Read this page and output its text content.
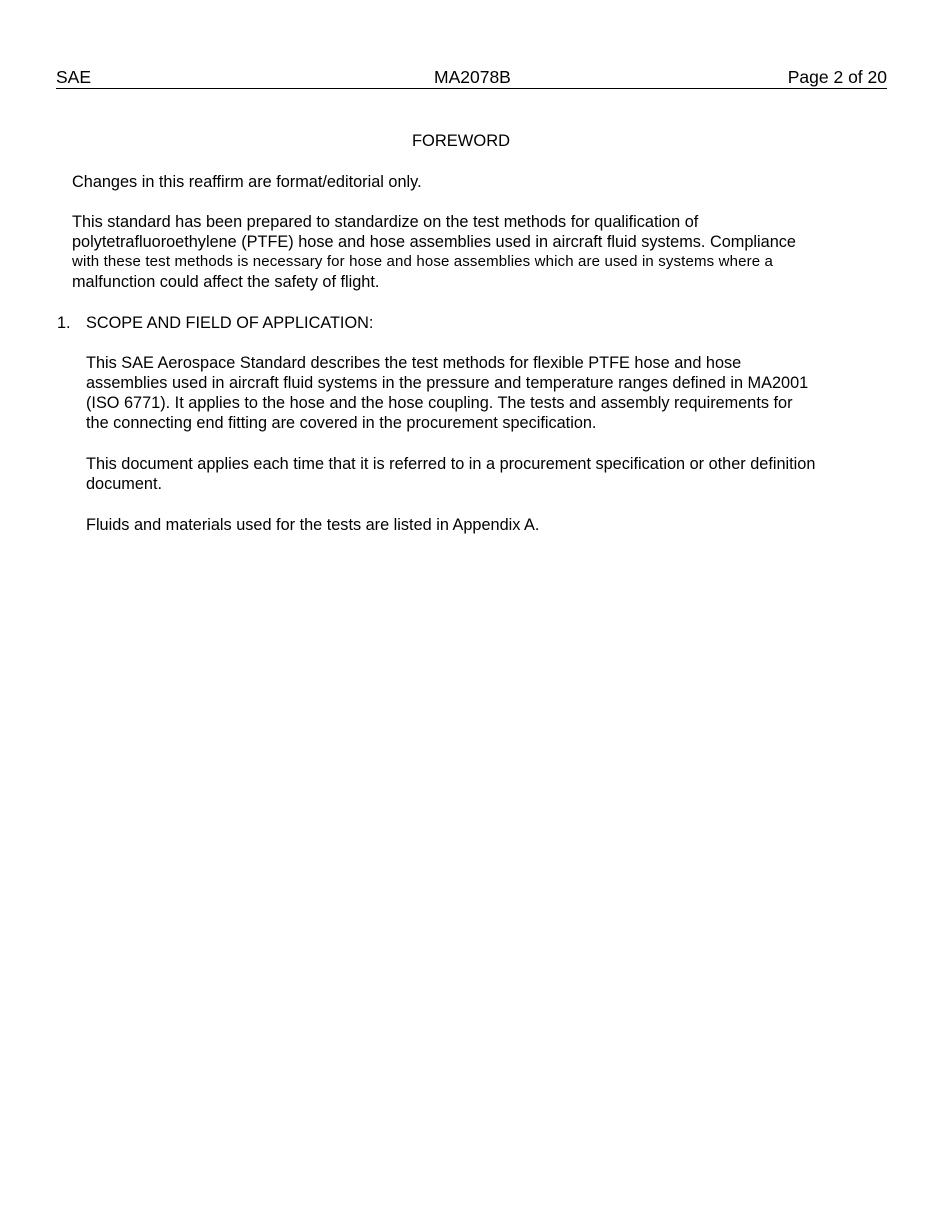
SAE	MA2078B	Page 2 of 20
FOREWORD

Changes in this reaffirm are format/editorial only.

This standard has been prepared to standardize on the test methods for qualification of
polytetrafluoroethylene (PTFE) hose and hose assemblies used in aircraft fluid systems. Compliance
with these test methods is necessary for hose and hose assemblies which are used in systems where a
malfunction could affect the safety of flight.

1. SCOPE AND FIELD OF APPLICATION:

This SAE Aerospace Standard describes the test methods for flexible PTFE hose and hose
assemblies used in aircraft fluid systems in the pressure and temperature ranges defined in MA2001
(ISO 6771). It applies to the hose and the hose coupling. The tests and assembly requirements for
the connecting end fitting are covered in the procurement specification.

This document applies each time that it is referred to in a procurement specification or other definition
document.

Fluids and materials used for the tests are listed in Appendix A.
